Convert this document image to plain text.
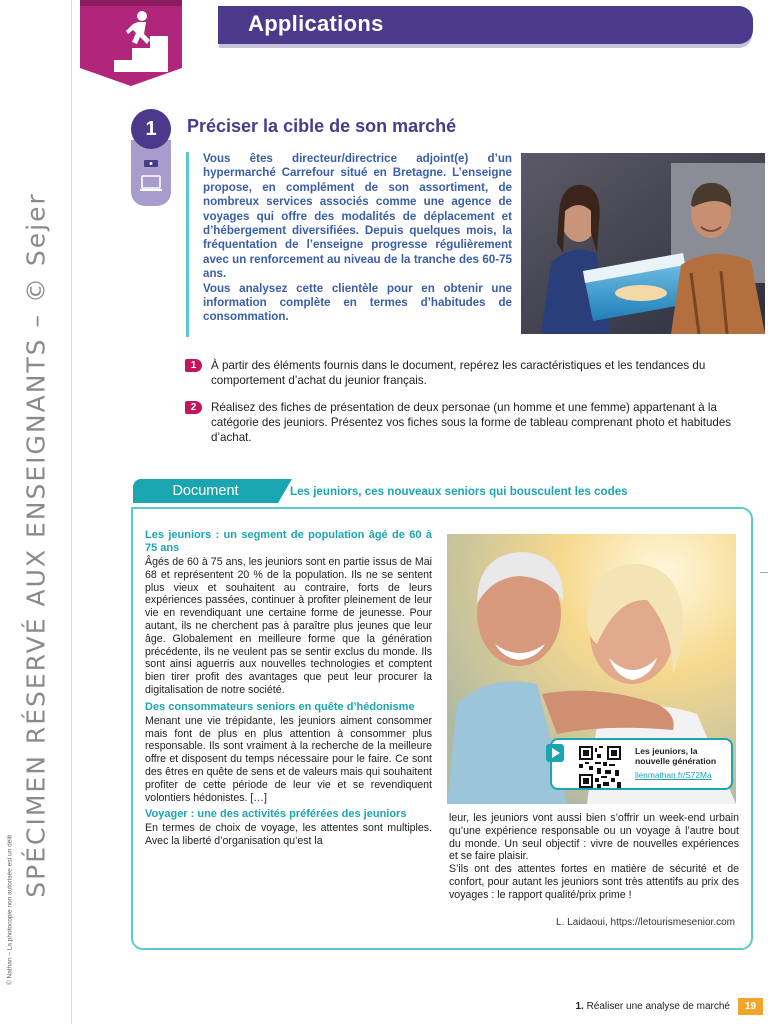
SPÉCIMEN RÉSERVÉ AUX ENSEIGNANTS – © Sejer
© Nathan – La photocopie non autorisée est un délit
Applications
1	Préciser la cible de son marché

Vous êtes directeur/directrice adjoint(e) d’un hypermarché Carrefour situé en Bretagne. L’enseigne propose, en complément de son assortiment, de nombreux services associés comme une agence de voyages qui offre des modalités de déplacement et d’hébergement diversifiées. Depuis quelques mois, la fréquentation de l’enseigne progresse régulièrement avec un renforcement au niveau de la tranche des 60-75 ans.

Vous analysez cette clientèle pour en obtenir une information complète en termes d’habitudes de consommation.

1	À partir des éléments fournis dans le document, repérez les caractéristiques et les tendances du comportement d’achat du jeunior français.
2	Réalisez des fiches de présentation de deux personae (un homme et une femme) appartenant à la catégorie des jeuniors. Présentez vos fiches sous la forme de tableau comprenant photo et habitudes d’achat.
Document	Les jeuniors, ces nouveaux seniors qui bousculent les codes
Les jeuniors : un segment de population âgé de 60 à 75 ans

Âgés de 60 à 75 ans, les jeuniors sont en partie issus de Mai 68 et représentent 20 % de la population. Ils ne se sentent plus vieux et souhaitent au contraire, forts de leurs expériences passées, continuer à profiter pleinement de leur vie en revendiquant une certaine forme de jeunesse. Pour autant, ils ne cherchent pas à paraître plus jeunes que leur âge. Globalement en meilleure forme que la génération précédente, ils ne veulent pas se sentir exclus du monde. Ils sont ainsi aguerris aux nouvelles technologies et comptent bien tirer profit des avantages que peut leur procurer la digitalisation de notre société.

Des consommateurs seniors en quête d’hédonisme

Menant une vie trépidante, les jeuniors aiment consommer mais font de plus en plus attention à consommer plus responsable. Ils sont vraiment à la recherche de la meilleure offre et disposent du temps nécessaire pour le faire. Ce sont des êtres en quête de sens et de valeurs mais qui souhaitent profiter de cette période de leur vie et se revendiquent volontiers hédonistes. […]

Voyager : une des activités préférées des jeuniors

En termes de choix de voyage, les attentes sont multiples. Avec la liberté d’organisation qu’est la

Les jeuniors, la nouvelle génération
lienmathan.fr/S72Ma

leur, les jeuniors vont aussi bien s’offrir un week-end urbain qu’une expérience responsable ou un voyage à l’autre bout du monde. Un seul objectif : vivre de nouvelles expériences et se faire plaisir.

S’ils ont des attentes fortes en matière de sécurité et de confort, pour autant les jeuniors sont très attentifs au prix des voyages : le rapport qualité/prix prime !

L. Laidaoui, https://letourismesenior.com
1. Réaliser une analyse de marché	19
